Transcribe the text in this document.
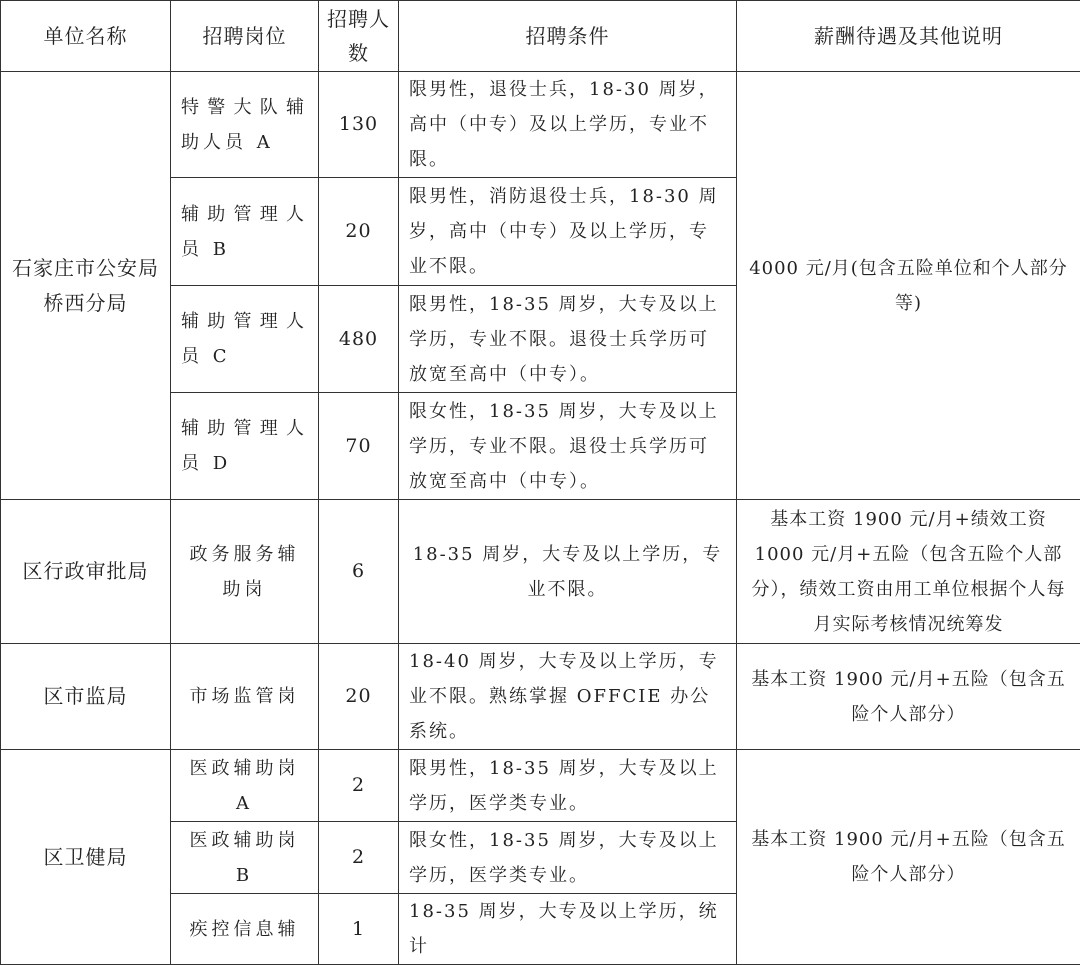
单位名称	招聘岗位	招聘人数	招聘条件	薪酬待遇及其他说明
石家庄市公安局桥西分局	特警大队辅助人员 A	130	限男性，退役士兵，18-30 周岁，高中（中专）及以上学历，专业不限。	4000 元/月(包含五险单位和个人部分等)
	辅助管理人员 B	20	限男性，消防退役士兵，18-30 周岁，高中（中专）及以上学历，专业不限。	
	辅助管理人员 C	480	限男性，18-35 周岁，大专及以上学历，专业不限。退役士兵学历可放宽至高中（中专）。	
	辅助管理人员 D	70	限女性，18-35 周岁，大专及以上学历，专业不限。退役士兵学历可放宽至高中（中专）。	
区行政审批局	政务服务辅助岗	6	18-35 周岁，大专及以上学历，专业不限。	基本工资 1900 元/月+绩效工资 1000 元/月+五险（包含五险个人部分），绩效工资由用工单位根据个人每月实际考核情况统筹发
区市监局	市场监管岗	20	18-40 周岁，大专及以上学历，专业不限。熟练掌握 OFFCIE 办公系统。	基本工资 1900 元/月+五险（包含五险个人部分）
区卫健局	医政辅助岗 A	2	限男性，18-35 周岁，大专及以上学历，医学类专业。	基本工资 1900 元/月+五险（包含五险个人部分）
	医政辅助岗 B	2	限女性，18-35 周岁，大专及以上学历，医学类专业。	
	疾控信息辅	1	18-35 周岁，大专及以上学历，统计	
